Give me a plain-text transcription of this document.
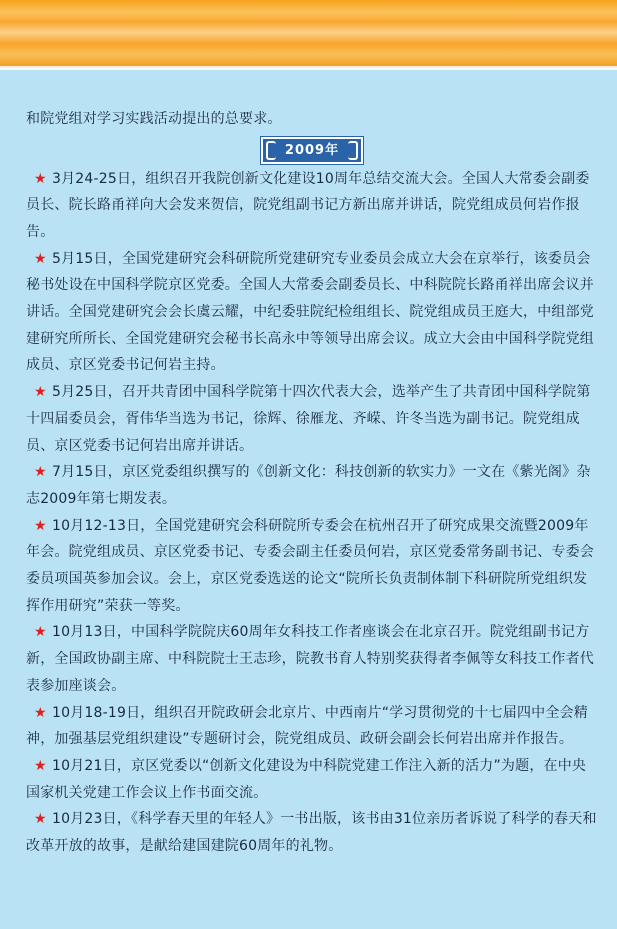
和院党组对学习实践活动提出的总要求。

2009年

★ 3月24-25日，组织召开我院创新文化建设10周年总结交流大会。全国人大常委会副委员长、院长路甬祥向大会发来贺信，院党组副书记方新出席并讲话，院党组成员何岩作报告。

★ 5月15日，全国党建研究会科研院所党建研究专业委员会成立大会在京举行，该委员会秘书处设在中国科学院京区党委。全国人大常委会副委员长、中科院院长路甬祥出席会议并讲话。全国党建研究会会长虞云耀，中纪委驻院纪检组组长、院党组成员王庭大，中组部党建研究所所长、全国党建研究会秘书长高永中等领导出席会议。成立大会由中国科学院党组成员、京区党委书记何岩主持。

★ 5月25日，召开共青团中国科学院第十四次代表大会，选举产生了共青团中国科学院第十四届委员会，胥伟华当选为书记，徐辉、徐雁龙、齐嵘、许冬当选为副书记。院党组成员、京区党委书记何岩出席并讲话。

★ 7月15日，京区党委组织撰写的《创新文化：科技创新的软实力》一文在《紫光阁》杂志2009年第七期发表。

★ 10月12-13日，全国党建研究会科研院所专委会在杭州召开了研究成果交流暨2009年年会。院党组成员、京区党委书记、专委会副主任委员何岩，京区党委常务副书记、专委会委员项国英参加会议。会上，京区党委选送的论文“院所长负责制体制下科研院所党组织发挥作用研究”荣获一等奖。

★ 10月13日，中国科学院院庆60周年女科技工作者座谈会在北京召开。院党组副书记方新，全国政协副主席、中科院院士王志珍，院教书育人特别奖获得者李佩等女科技工作者代表参加座谈会。

★ 10月18-19日，组织召开院政研会北京片、中西南片“学习贯彻党的十七届四中全会精神，加强基层党组织建设”专题研讨会，院党组成员、政研会副会长何岩出席并作报告。

★ 10月21日，京区党委以“创新文化建设为中科院党建工作注入新的活力”为题，在中央国家机关党建工作会议上作书面交流。

★ 10月23日，《科学春天里的年轻人》一书出版，该书由31位亲历者诉说了科学的春天和改革开放的故事，是献给建国建院60周年的礼物。
